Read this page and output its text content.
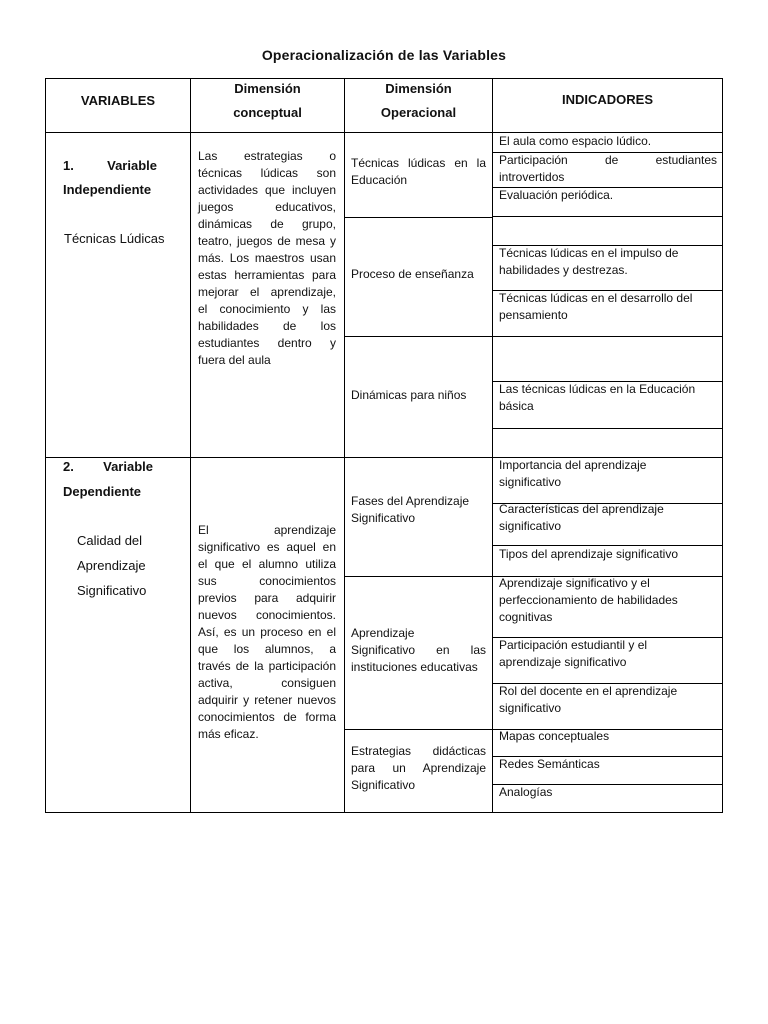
Operacionalización de las Variables
VARIABLES
Dimensión
conceptual
Dimensión
Operacional
INDICADORES
1.	Variable
Independiente
Técnicas Lúdicas
Las estrategias o
técnicas lúdicas son
actividades que incluyen
juegos educativos,
dinámicas de grupo,
teatro, juegos de mesa y
más. Los maestros usan
estas herramientas para
mejorar el aprendizaje,
el conocimiento y las
habilidades de los
estudiantes dentro y
fuera del aula
Técnicas lúdicas en la
Educación
Proceso de enseñanza
Dinámicas para niños
El aula como espacio lúdico.
Participación de estudiantes
introvertidos
Evaluación periódica.
Técnicas lúdicas en el impulso de
habilidades y destrezas.
Técnicas lúdicas en el desarrollo del
pensamiento
Las técnicas lúdicas en la Educación
básica
2. Variable
Dependiente
Calidad del
Aprendizaje
Significativo
El aprendizaje
significativo es aquel en
el que el alumno utiliza
sus conocimientos
previos para adquirir
nuevos conocimientos.
Así, es un proceso en el
que los alumnos, a
través de la participación
activa, consiguen
adquirir y retener nuevos
conocimientos de forma
más eficaz.
Fases del Aprendizaje
Significativo
Aprendizaje
Significativo en las
instituciones educativas
Estrategias didácticas
para un Aprendizaje
Significativo
Importancia del aprendizaje
significativo
Características del aprendizaje
significativo
Tipos del aprendizaje significativo
Aprendizaje significativo y el
perfeccionamiento de habilidades
cognitivas
Participación estudiantil y el
aprendizaje significativo
Rol del docente en el aprendizaje
significativo
Mapas conceptuales
Redes Semánticas
Analogías
